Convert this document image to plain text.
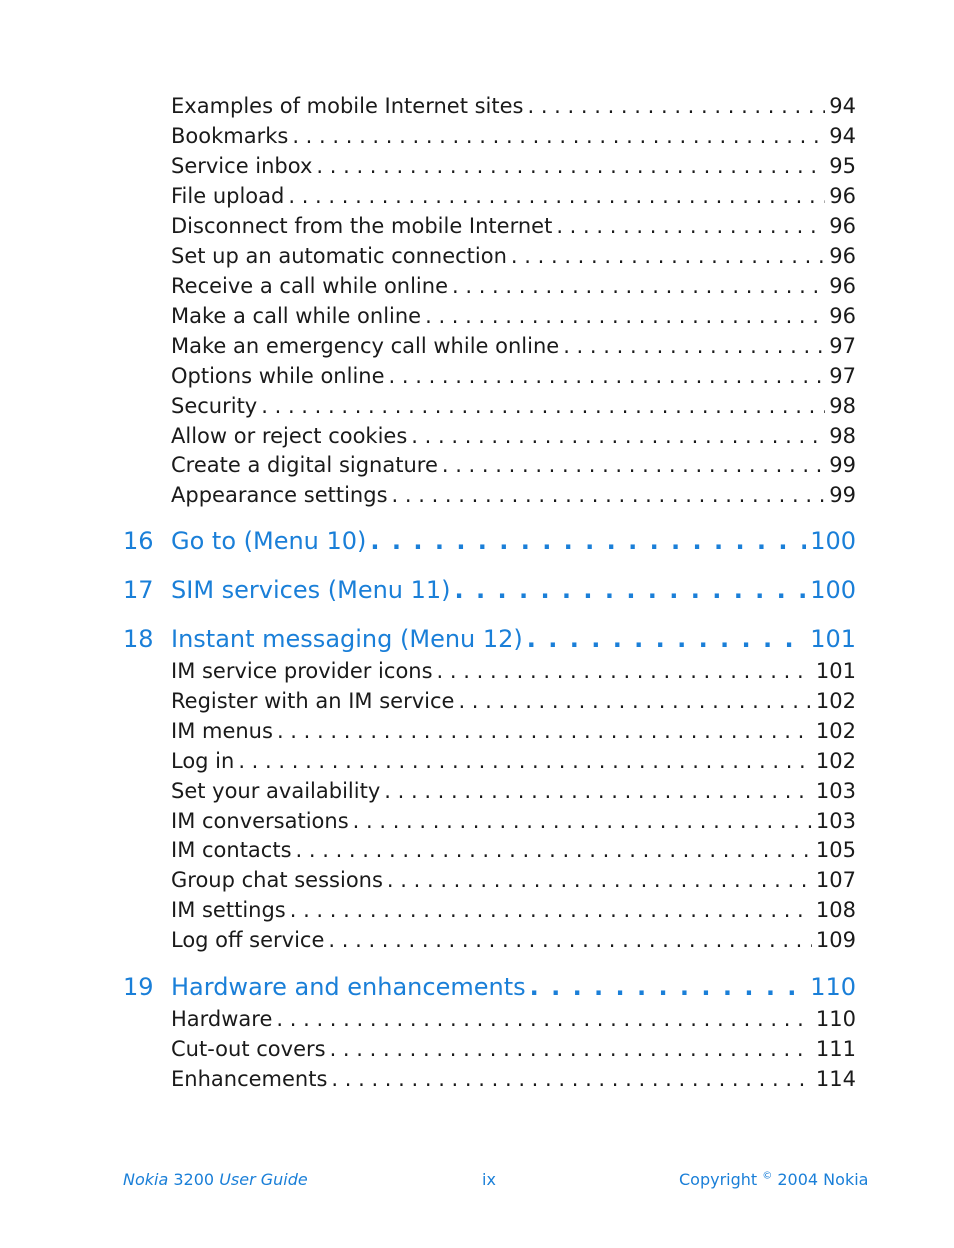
Examples of mobile Internet sites . . .	94
Bookmarks . . .	94
Service inbox . . .	95
File upload . . .	96
Disconnect from the mobile Internet . . .	96
Set up an automatic connection . . .	96
Receive a call while online . . .	96
Make a call while online . . .	96
Make an emergency call while online . . .	97
Options while online . . .	97
Security . . .	98
Allow or reject cookies . . .	98
Create a digital signature . . .	99
Appearance settings . . .	99
16 Go to (Menu 10) . . .	100
17 SIM services (Menu 11) . . .	100
18 Instant messaging (Menu 12) . . .	101
IM service provider icons . . .	101
Register with an IM service . . .	102
IM menus . . .	102
Log in . . .	102
Set your availability . . .	103
IM conversations . . .	103
IM contacts . . .	105
Group chat sessions . . .	107
IM settings . . .	108
Log off service . . .	109
19 Hardware and enhancements . . .	110
Hardware . . .	110
Cut-out covers . . .	111
Enhancements . . .	114
Nokia 3200 User Guide	ix	Copyright © 2004 Nokia
